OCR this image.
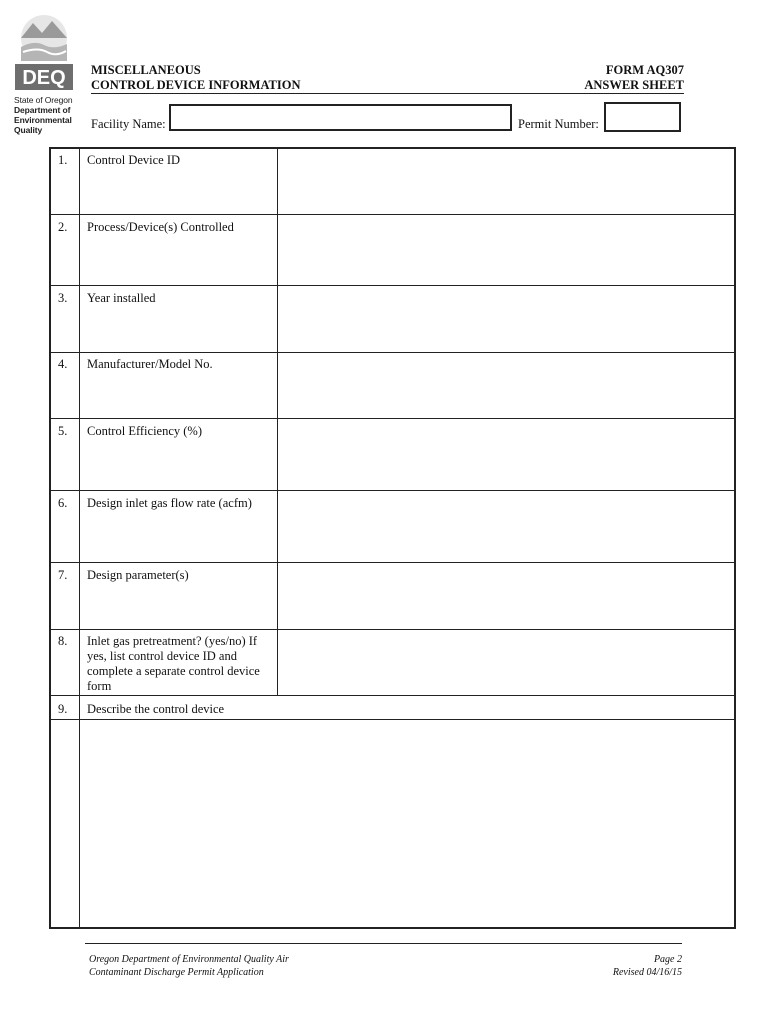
DEQ
State of Oregon
Department of
Environmental
Quality
MISCELLANEOUS
CONTROL DEVICE INFORMATION
FORM AQ307
ANSWER SHEET
Facility Name:	Permit Number:
1. Control Device ID
2. Process/Device(s) Controlled
3. Year installed
4. Manufacturer/Model No.
5. Control Efficiency (%)
6. Design inlet gas flow rate (acfm)
7. Design parameter(s)
8. Inlet gas pretreatment? (yes/no) If yes, list control device ID and complete a separate control device form
9. Describe the control device
Oregon Department of Environmental Quality Air
Contaminant Discharge Permit Application
Page 2
Revised 04/16/15
